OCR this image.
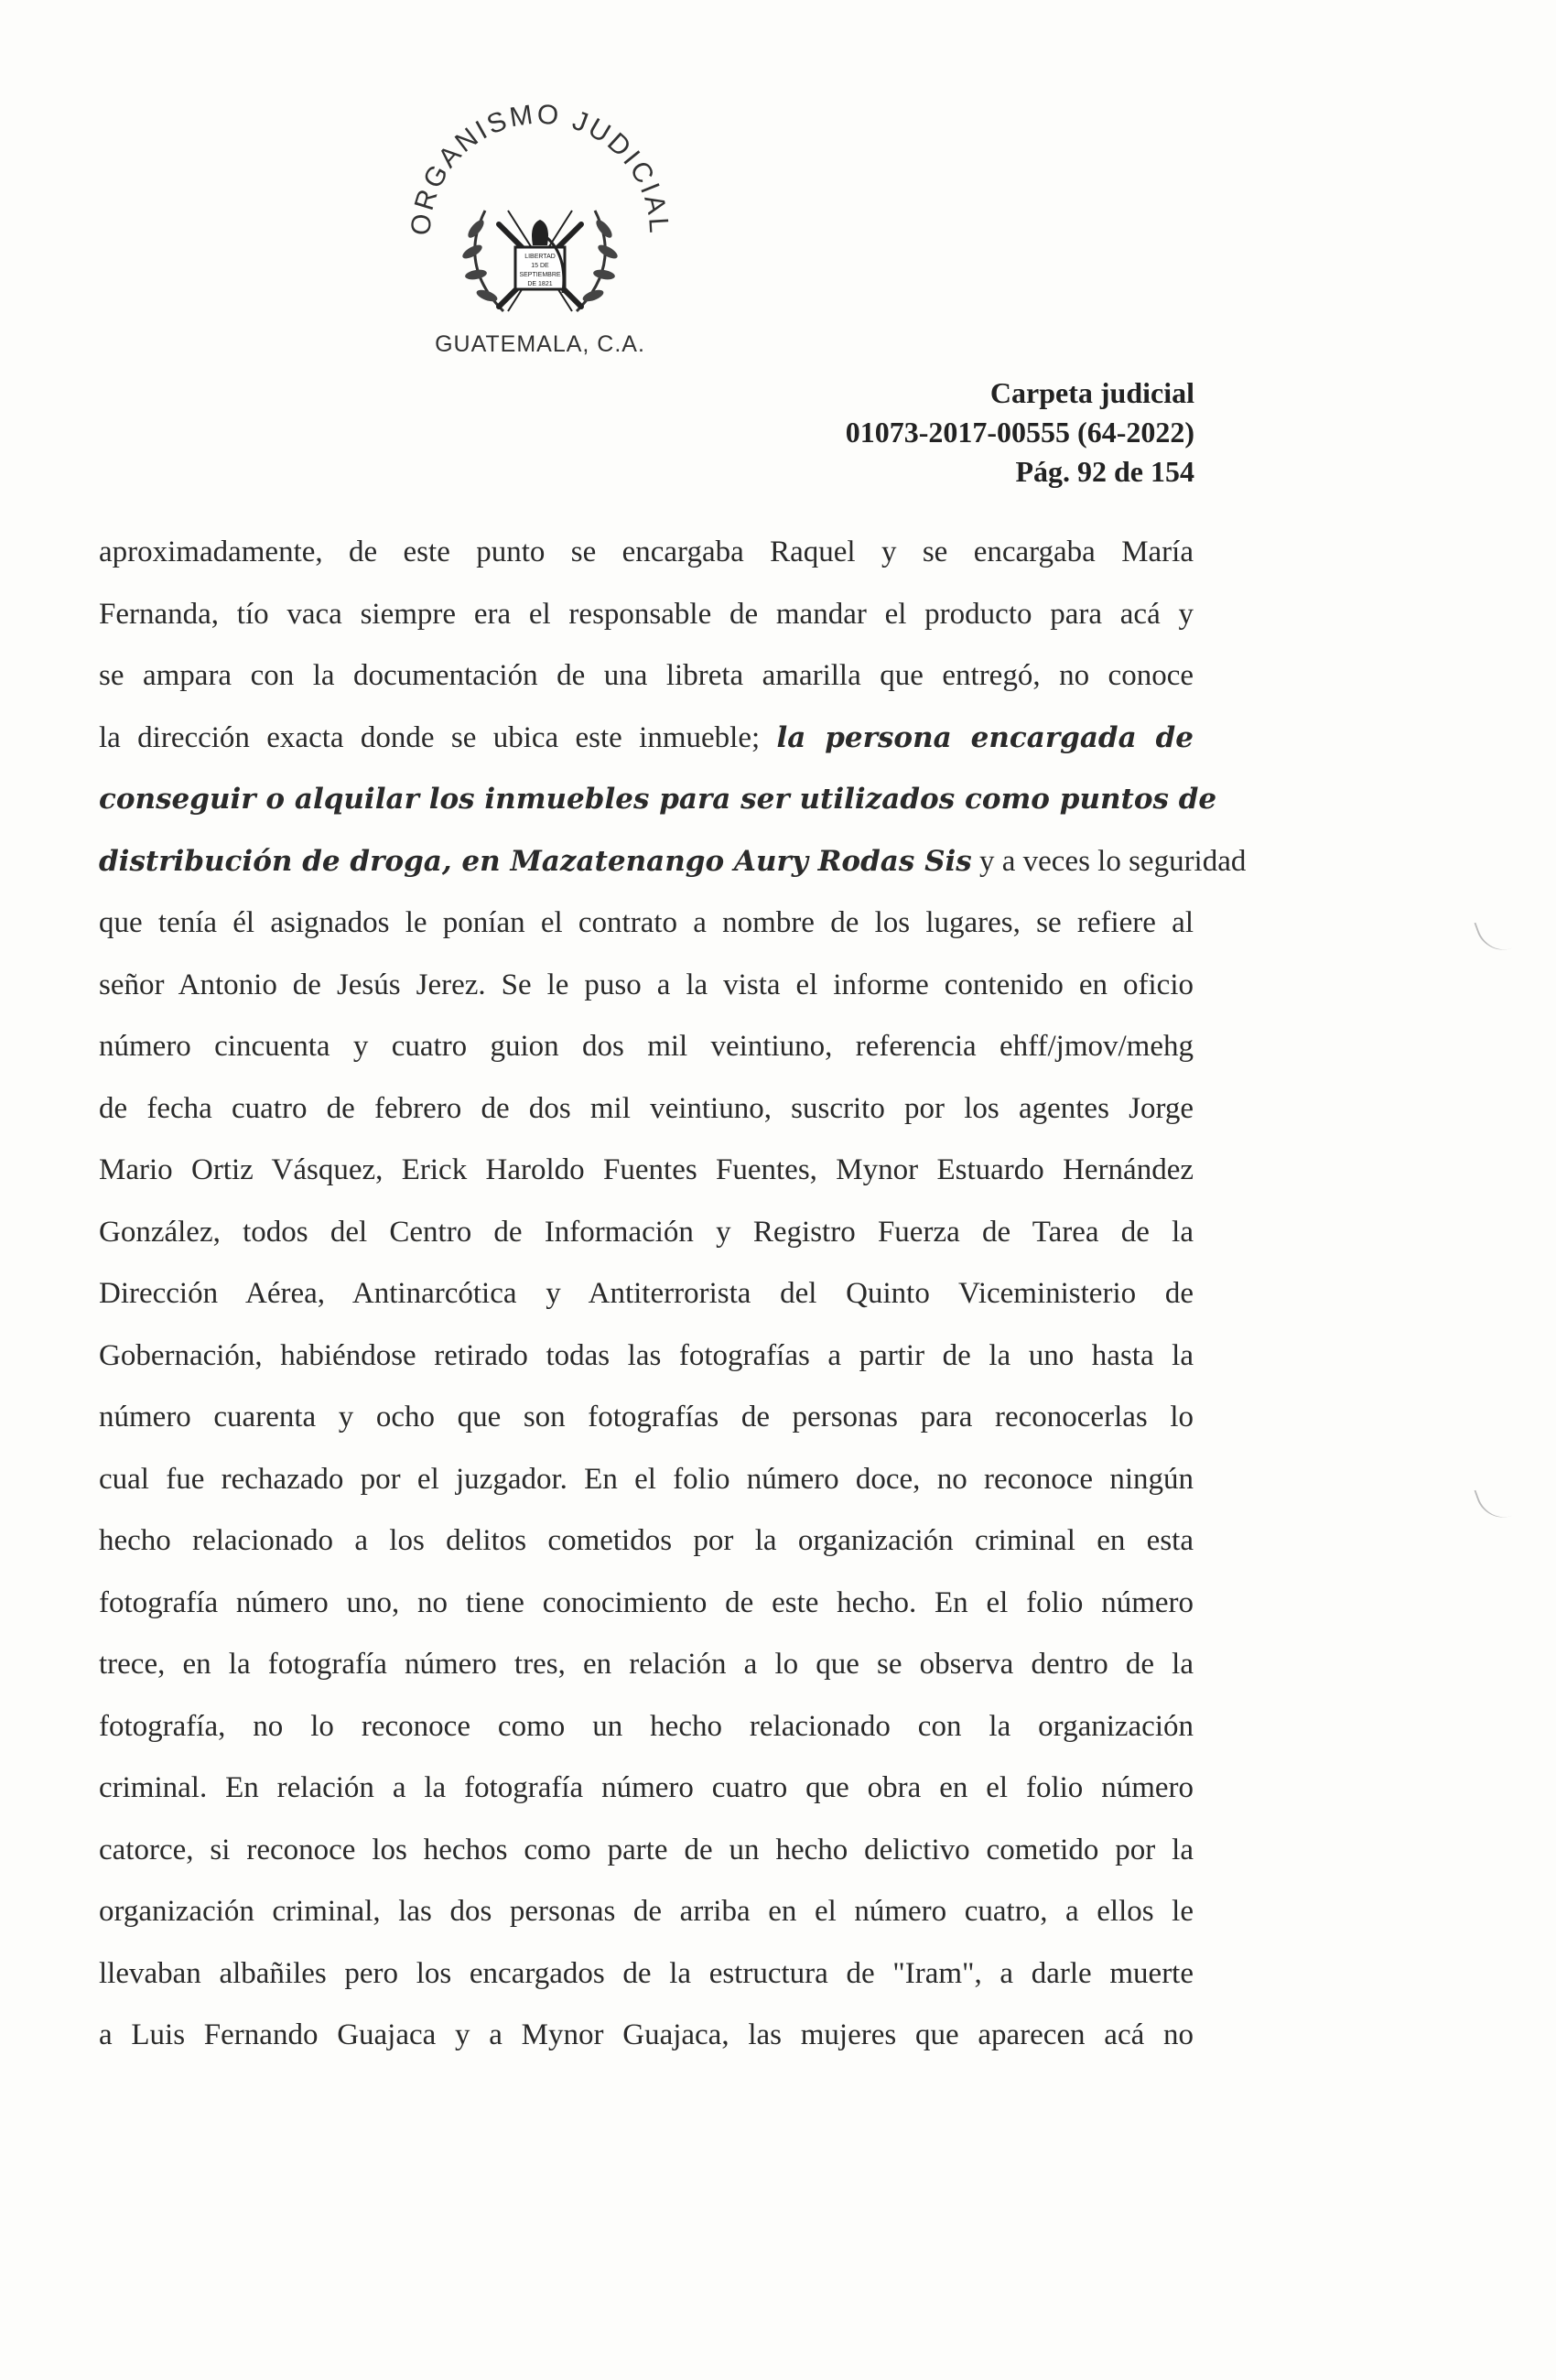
ORGANISMO JUDICIAL
LIBERTAD
15 DE
SEPTIEMBRE
DE 1821
GUATEMALA, C.A.
Carpeta judicial
01073-2017-00555 (64-2022)
Pág. 92 de 154
aproximadamente, de este punto se encargaba Raquel y se encargaba María
Fernanda, tío vaca siempre era el responsable de mandar el producto para acá y
se ampara con la documentación de una libreta amarilla que entregó, no conoce
la dirección exacta donde se ubica este inmueble; la persona encargada de
conseguir o alquilar los inmuebles para ser utilizados como puntos de
distribución de droga, en Mazatenango Aury Rodas Sis y a veces lo seguridad
que tenía él asignados le ponían el contrato a nombre de los lugares, se refiere al
señor Antonio de Jesús Jerez. Se le puso a la vista el informe contenido en oficio
número cincuenta y cuatro guion dos mil veintiuno, referencia ehff/jmov/mehg
de fecha cuatro de febrero de dos mil veintiuno, suscrito por los agentes Jorge
Mario Ortiz Vásquez, Erick Haroldo Fuentes Fuentes, Mynor Estuardo Hernández
González, todos del Centro de Información y Registro Fuerza de Tarea de la
Dirección Aérea, Antinarcótica y Antiterrorista del Quinto Viceministerio de
Gobernación, habiéndose retirado todas las fotografías a partir de la uno hasta la
número cuarenta y ocho que son fotografías de personas para reconocerlas lo
cual fue rechazado por el juzgador. En el folio número doce, no reconoce ningún
hecho relacionado a los delitos cometidos por la organización criminal en esta
fotografía número uno, no tiene conocimiento de este hecho. En el folio número
trece, en la fotografía número tres, en relación a lo que se observa dentro de la
fotografía, no lo reconoce como un hecho relacionado con la organización
criminal. En relación a la fotografía número cuatro que obra en el folio número
catorce, si reconoce los hechos como parte de un hecho delictivo cometido por la
organización criminal, las dos personas de arriba en el número cuatro, a ellos le
llevaban albañiles pero los encargados de la estructura de "Iram", a darle muerte
a Luis Fernando Guajaca y a Mynor Guajaca, las mujeres que aparecen acá no
